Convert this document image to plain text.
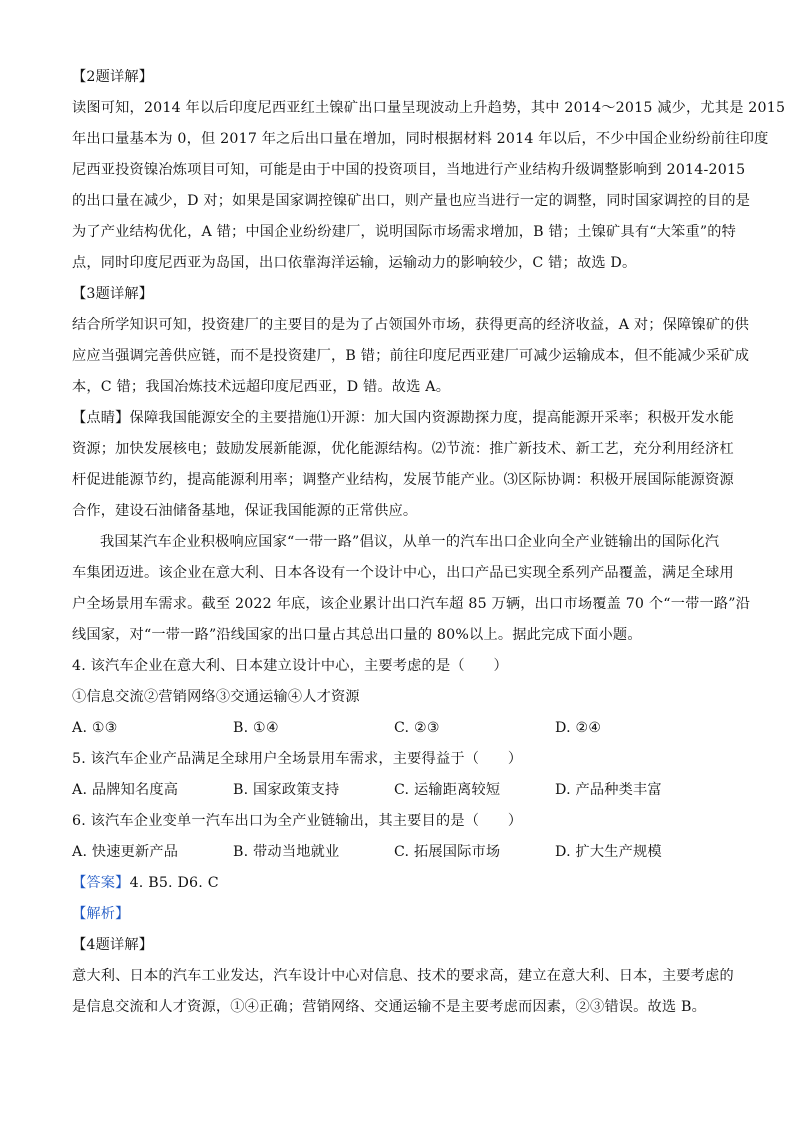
【2题详解】
读图可知，2014 年以后印度尼西亚红土镍矿出口量呈现波动上升趋势，其中 2014～2015 减少，尤其是 2015
年出口量基本为 0，但 2017 年之后出口量在增加，同时根据材料 2014 年以后，不少中国企业纷纷前往印度
尼西亚投资镍冶炼项目可知，可能是由于中国的投资项目，当地进行产业结构升级调整影响到 2014-2015
的出口量在减少，D 对；如果是国家调控镍矿出口，则产量也应当进行一定的调整，同时国家调控的目的是
为了产业结构优化，A 错；中国企业纷纷建厂，说明国际市场需求增加，B 错；土镍矿具有“大笨重”的特
点，同时印度尼西亚为岛国，出口依靠海洋运输，运输动力的影响较少，C 错；故选 D。
【3题详解】
结合所学知识可知，投资建厂的主要目的是为了占领国外市场，获得更高的经济收益，A 对；保障镍矿的供
应应当强调完善供应链，而不是投资建厂，B 错；前往印度尼西亚建厂可减少运输成本，但不能减少采矿成
本，C 错；我国冶炼技术远超印度尼西亚，D 错。故选 A。
【点睛】保障我国能源安全的主要措施⑴开源：加大国内资源勘探力度，提高能源开采率；积极开发水能
资源；加快发展核电；鼓励发展新能源，优化能源结构。⑵节流：推广新技术、新工艺，充分利用经济杠
杆促进能源节约，提高能源利用率；调整产业结构，发展节能产业。⑶区际协调：积极开展国际能源资源
合作，建设石油储备基地，保证我国能源的正常供应。
我国某汽车企业积极响应国家“一带一路”倡议，从单一的汽车出口企业向全产业链输出的国际化汽
车集团迈进。该企业在意大利、日本各设有一个设计中心，出口产品已实现全系列产品覆盖，满足全球用
户全场景用车需求。截至 2022 年底，该企业累计出口汽车超 85 万辆，出口市场覆盖 70 个“一带一路”沿
线国家，对“一带一路”沿线国家的出口量占其总出口量的 80%以上。据此完成下面小题。
4. 该汽车企业在意大利、日本建立设计中心，主要考虑的是（　　）
①信息交流②营销网络③交通运输④人才资源
A. ①③	B. ①④	C. ②③	D. ②④
5. 该汽车企业产品满足全球用户全场景用车需求，主要得益于（　　）
A. 品牌知名度高	B. 国家政策支持	C. 运输距离较短	D. 产品种类丰富
6. 该汽车企业变单一汽车出口为全产业链输出，其主要目的是（　　）
A. 快速更新产品	B. 带动当地就业	C. 拓展国际市场	D. 扩大生产规模
【答案】4. B5. D6. C
【解析】
【4题详解】
意大利、日本的汽车工业发达，汽车设计中心对信息、技术的要求高，建立在意大利、日本，主要考虑的
是信息交流和人才资源，①④正确；营销网络、交通运输不是主要考虑而因素，②③错误。故选 B。
